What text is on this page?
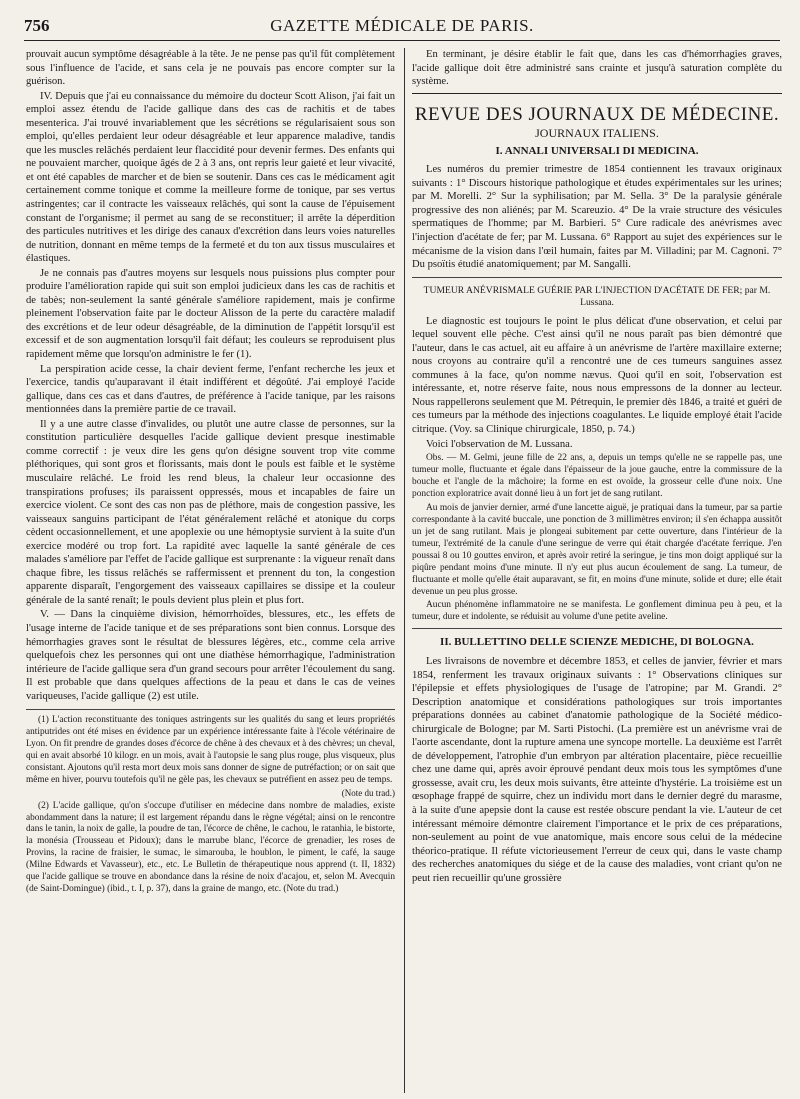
756	GAZETTE MÉDICALE DE PARIS.

prouvait aucun symptôme désagréable à la tête. Je ne pense pas qu'il fût complètement sous l'influence de l'acide, et sans cela je ne pouvais pas encore compter sur la guérison.

IV. Depuis que j'ai eu connaissance du mémoire du docteur Scott Alison, j'ai fait un emploi assez étendu de l'acide gallique dans des cas de rachitis et de tabes mesenterica. J'ai trouvé invariablement que les sécrétions se régularisaient sous son emploi, qu'elles perdaient leur odeur désagréable et leur apparence maladive, tandis que les muscles relâchés perdaient leur flaccidité pour devenir fermes. Des enfants qui ne pouvaient marcher, quoique âgés de 2 à 3 ans, ont repris leur gaieté et leur vivacité, et ont été capables de marcher et de bien se soutenir. Dans ces cas le médicament agit certainement comme tonique et comme la meilleure forme de tonique, par ses vertus astringentes; car il contracte les vaisseaux relâchés, qui sont la cause de l'épuisement constant de l'organisme; il permet au sang de se reconstituer; il arrête la déperdition des particules nutritives et les dirige des canaux d'excrétion dans leurs voies naturelles de nutrition, donnant en même temps de la fermeté et du ton aux tissus musculaires et élastiques.

Je ne connais pas d'autres moyens sur lesquels nous puissions plus compter pour produire l'amélioration rapide qui suit son emploi judicieux dans les cas de rachitis et de tabès; non-seulement la santé générale s'améliore rapidement, mais je confirme pleinement l'observation faite par le docteur Alisson de la perte du caractère maladif des excrétions et de leur odeur désagréable, de la diminution de l'appétit lorsqu'il est excessif et de son augmentation lorsqu'il fait défaut; les couleurs se reproduisent plus rapidement même que lorsqu'on administre le fer (1).

La perspiration acide cesse, la chair devient ferme, l'enfant recherche les jeux et l'exercice, tandis qu'auparavant il était indifférent et dégoûté. J'ai employé l'acide gallique, dans ces cas et dans d'autres, de préférence à l'acide tanique, par les raisons mentionnées dans la première partie de ce travail.

Il y a une autre classe d'invalides, ou plutôt une autre classe de personnes, sur la constitution particulière desquelles l'acide gallique devient presque inestimable comme correctif : je veux dire les gens qu'on désigne souvent trop vite comme pléthoriques, qui sont gros et florissants, mais dont le pouls est faible et le système musculaire relâché. Le froid les rend bleus, la chaleur leur occasionne des transpirations profuses; ils paraissent oppressés, mous et incapables de faire un exercice violent. Ce sont des cas non pas de pléthore, mais de congestion passive, les vaisseaux sanguins participant de l'état généralement relâché et atonique du corps cèdent occasionnellement, et une apoplexie ou une hémoptysie survient à la suite d'un exercice modéré ou trop fort. La rapidité avec laquelle la santé générale de ces malades s'améliore par l'effet de l'acide gallique est surprenante : la vigueur renaît dans chaque fibre, les tissus relâchés se raffermissent et prennent du ton, la congestion apparente disparaît, l'engorgement des vaisseaux capillaires se dissipe et la couleur générale de la santé renaît; le pouls devient plus plein et plus fort.

V. — Dans la cinquième division, hémorrhoïdes, blessures, etc., les effets de l'usage interne de l'acide tanique et de ses préparations sont bien connus. Lorsque des hémorrhagies graves sont le résultat de blessures légères, etc., comme cela arrive quelquefois chez les personnes qui ont une diathèse hémorrhagique, l'administration intérieure de l'acide gallique sera d'un grand secours pour arrêter l'écoulement du sang. Il est probable que dans quelques affections de la peau et dans le cas de veines variqueuses, l'acide gallique (2) est utile.

(1) L'action reconstituante des toniques astringents sur les qualités du sang et leurs propriétés antiputrides ont été mises en évidence par un expérience intéressante faite à l'école vétérinaire de Lyon. On fit prendre de grandes doses d'écorce de chêne à des chevaux et à des chèvres; un cheval, qui en avait absorbé 10 kilogr. en un mois, avait à l'autopsie le sang plus rouge, plus visqueux, plus consistant. Ajoutons qu'il resta mort deux mois sans donner de signe de putréfaction; or on sait que même en hiver, pourvu toutefois qu'il ne gèle pas, les chevaux se putréfient en assez peu de temps.

(Note du trad.)

(2) L'acide gallique, qu'on s'occupe d'utiliser en médecine dans nombre de maladies, existe abondamment dans la nature; il est largement répandu dans le règne végétal; ainsi on le rencontre dans le tanin, la noix de galle, la poudre de tan, l'écorce de chêne, le cachou, le ratanhia, le bistorte, la monésia (Trousseau et Pidoux); dans le marrube blanc, l'écorce de grenadier, les roses de Provins, la racine de fraisier, le sumac, le simarouba, le houblon, le piment, le café, la sauge (Milne Edwards et Vavasseur), etc., etc. Le Bulletin de thérapeutique nous apprend (t. II, 1832) que l'acide gallique se trouve en abondance dans la résine de noix d'acajou, et, selon M. Avecquin (de Saint-Domingue) (ibid., t. I, p. 37), dans la graine de mango, etc. (Note du trad.)

En terminant, je désire établir le fait que, dans les cas d'hémorrhagies graves, l'acide gallique doit être administré sans crainte et jusqu'à saturation complète du système.

REVUE DES JOURNAUX DE MÉDECINE.
JOURNAUX ITALIENS.
I. ANNALI UNIVERSALI DI MEDICINA.

Les numéros du premier trimestre de 1854 contiennent les travaux originaux suivants : 1° Discours historique pathologique et études expérimentales sur les urines; par M. Morelli. 2° Sur la syphilisation; par M. Sella. 3° De la paralysie générale progressive des non aliénés; par M. Scareuzio. 4° De la vraie structure des vésicules spermatiques de l'homme; par M. Barbieri. 5° Cure radicale des anévrismes avec l'injection d'acétate de fer; par M. Lussana. 6° Rapport au sujet des expériences sur le mécanisme de la vision dans l'œil humain, faites par M. Villadini; par M. Cagnoni. 7° Du psoïtis étudié anatomiquement; par M. Sangalli.

TUMEUR ANÉVRISMALE GUÉRIE PAR L'INJECTION D'ACÉTATE DE FER; par M. Lussana.

Le diagnostic est toujours le point le plus délicat d'une observation, et celui par lequel souvent elle pèche. C'est ainsi qu'il ne nous paraît pas bien démontré que l'auteur, dans le cas actuel, ait eu affaire à un anévrisme de l'artère maxillaire externe; nous croyons au contraire qu'il a rencontré une de ces tumeurs sanguines assez communes à la face, qu'on nomme nævus. Quoi qu'il en soit, l'observation est intéressante, et, notre réserve faite, nous nous empressons de la donner au lecteur. Nous rappellerons seulement que M. Pétrequin, le premier dès 1846, a traité et guéri de ces tumeurs par la méthode des injections coagulantes. Le liquide employé était l'acide citrique. (Voy. sa Clinique chirurgicale, 1850, p. 74.)

Voici l'observation de M. Lussana.

Obs. — M. Gelmi, jeune fille de 22 ans, a, depuis un temps qu'elle ne se rappelle pas, une tumeur molle, fluctuante et égale dans l'épaisseur de la joue gauche, entre la commissure de la bouche et l'angle de la mâchoire; la forme en est ovoïde, la grosseur celle d'une noix. Une ponction exploratrice avait donné lieu à un fort jet de sang rutilant.

Au mois de janvier dernier, armé d'une lancette aiguë, je pratiquai dans la tumeur, par sa partie correspondante à la cavité buccale, une ponction de 3 millimètres environ; il s'en échappa aussitôt un jet de sang rutilant. Mais je plongeai subitement par cette ouverture, dans l'intérieur de la tumeur, l'extrémité de la canule d'une seringue de verre qui était chargée d'acétate ferrique. J'en poussai 8 ou 10 gouttes environ, et après avoir retiré la seringue, je tins mon doigt appliqué sur la piqûre pendant moins d'une minute. Il n'y eut plus aucun écoulement de sang. La tumeur, de fluctuante et molle qu'elle était auparavant, se fit, en moins d'une minute, solide et dure; elle était devenue un peu plus grosse.

Aucun phénomène inflammatoire ne se manifesta. Le gonflement diminua peu à peu, et la tumeur, dure et indolente, se réduisit au volume d'une petite aveline.

II. BULLETTINO DELLE SCIENZE MEDICHE, DI BOLOGNA.

Les livraisons de novembre et décembre 1853, et celles de janvier, février et mars 1854, renferment les travaux originaux suivants : 1° Observations cliniques sur l'épilepsie et effets physiologiques de l'usage de l'atropine; par M. Grandi. 2° Description anatomique et considérations pathologiques sur trois importantes préparations données au cabinet d'anatomie pathologique de la Société médico-chirurgicale de Bologne; par M. Sarti Pistochi. (La première est un anévrisme vrai de l'aorte ascendante, dont la rupture amena une syncope mortelle. La deuxième est l'arrêt de développement, l'atrophie d'un embryon par altération placentaire, pièce recueillie chez une dame qui, après avoir éprouvé pendant deux mois tous les symptômes d'une grossesse, avait cru, les deux mois suivants, être atteinte d'hystérie. La troisième est un œsophage frappé de squirre, chez un individu mort dans le dernier degré du marasme, à la suite d'une apepsie dont la cause est restée obscure pendant la vie. L'auteur de cet intéressant mémoire démontre clairement l'importance et le prix de ces préparations, non-seulement au point de vue anatomique, mais encore sous celui de la médecine théorico-pratique. Il réfute victorieusement l'erreur de ceux qui, dans le vaste champ des recherches anatomiques du siége et de la cause des maladies, vont criant qu'on ne peut rien recueillir qu'une grossière
